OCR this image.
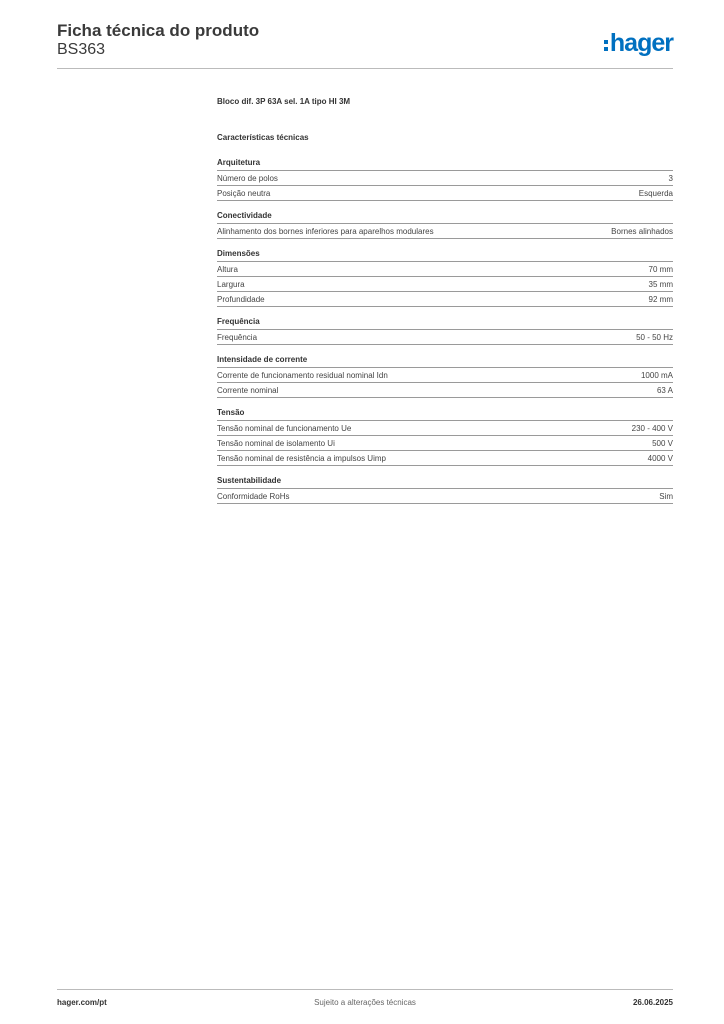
Ficha técnica do produto
BS363	hager
Bloco dif. 3P 63A sel. 1A tipo HI 3M
Características técnicas
Arquitetura
Número de polos	3
Posição neutra	Esquerda
Conectividade
Alinhamento dos bornes inferiores para aparelhos modulares	Bornes alinhados
Dimensões
Altura	70 mm
Largura	35 mm
Profundidade	92 mm
Frequência
Frequência	50 - 50 Hz
Intensidade de corrente
Corrente de funcionamento residual nominal Idn	1000 mA
Corrente nominal	63 A
Tensão
Tensão nominal de funcionamento Ue	230 - 400 V
Tensão nominal de isolamento Ui	500 V
Tensão nominal de resistência a impulsos Uimp	4000 V
Sustentabilidade
Conformidade RoHs	Sim
Sujeito a alterações técnicas
hager.com/pt	26.06.2025
